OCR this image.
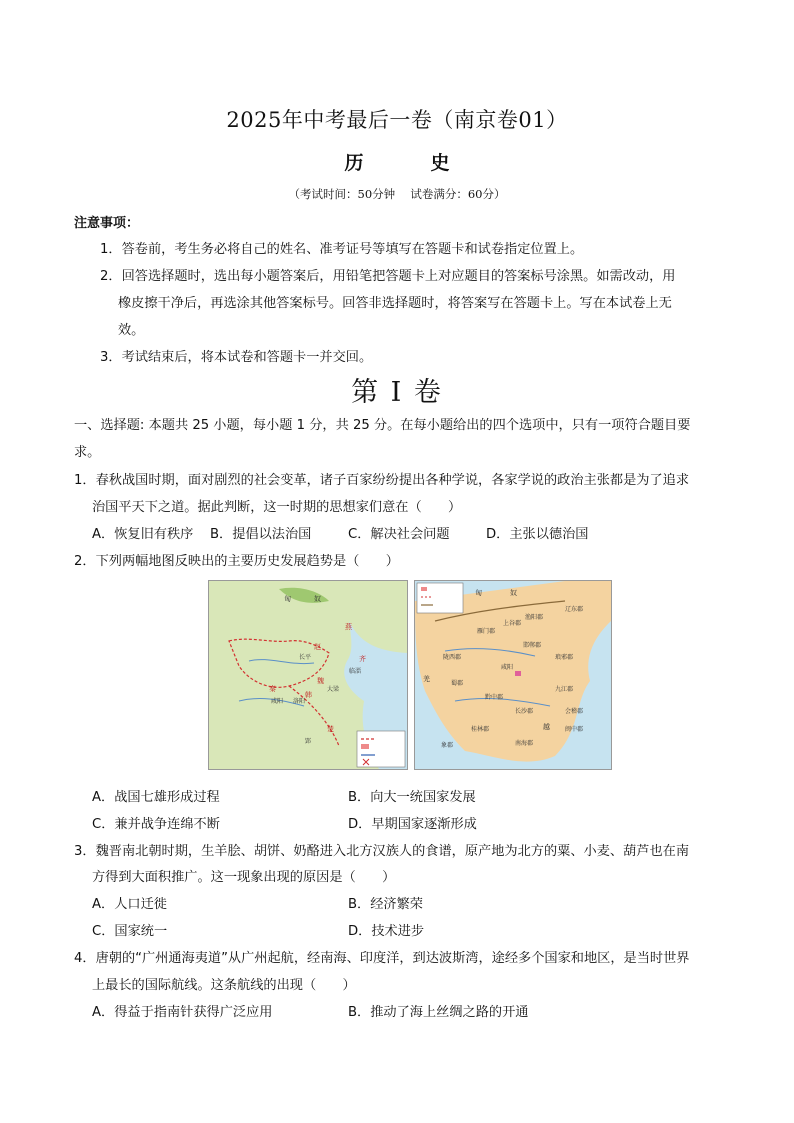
2025年中考最后一卷（南京卷01）
历　史
（考试时间：50分钟　 试卷满分：60分）
注意事项：
1．答卷前，考生务必将自己的姓名、准考证号等填写在答题卡和试卷指定位置上。
2．回答选择题时，选出每小题答案后，用铅笔把答题卡上对应题目的答案标号涂黑。如需改动，用
橡皮擦干净后，再选涂其他答案标号。回答非选择题时，将答案写在答题卡上。写在本试卷上无
效。
3．考试结束后，将本试卷和答题卡一并交回。
第 I 卷
一、选择题: 本题共 25 小题，每小题 1 分，共 25 分。在每小题给出的四个选项中，只有一项符合题目要
求。
1．春秋战国时期，面对剧烈的社会变革，诸子百家纷纷提出各种学说，各家学说的政治主张都是为了追求
治国平天下之道。据此判断，这一时期的思想家们意在（　　）
A．恢复旧有秩序 B．提倡以法治国	C．解决社会问题	D．主张以德治国
2．下列两幅地图反映出的主要历史发展趋势是（　　）
匈	奴
燕
赵
齐
秦
魏
韩
楚
长平
大梁
临淄
咸阳 洛阳
郢
匈	奴
辽东郡
渔阳郡
上谷郡
雁门郡
陇西郡
邯郸郡
咸阳
琅邪郡
九江郡
会稽郡
蜀郡
黔中郡
长沙郡
闽中郡
桂林郡
南海郡
象郡
羌
越
A．战国七雄形成过程	B．向大一统国家发展
C．兼并战争连绵不断	D．早期国家逐渐形成
3．魏晋南北朝时期，生羊脍、胡饼、奶酪进入北方汉族人的食谱，原产地为北方的粟、小麦、葫芦也在南
方得到大面积推广。这一现象出现的原因是（　　）
A．人口迁徙	B．经济繁荣
C．国家统一	D．技术进步
4．唐朝的“广州通海夷道”从广州起航，经南海、印度洋，到达波斯湾，途经多个国家和地区，是当时世界
上最长的国际航线。这条航线的出现（　　）
A．得益于指南针获得广泛应用	B．推动了海上丝绸之路的开通
